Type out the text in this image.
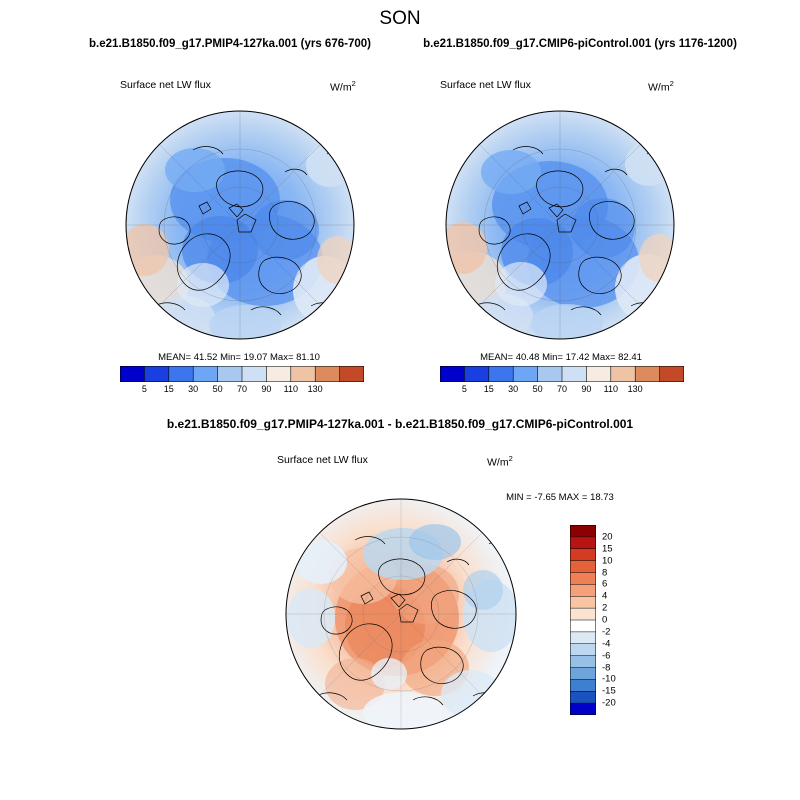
SON
b.e21.B1850.f09_g17.PMIP4-127ka.001 (yrs 676-700)	b.e21.B1850.f09_g17.CMIP6-piControl.001 (yrs 1176-1200)
Surface net LW flux	$W/m^2$
MEAN= 41.52 Min= 19.07 Max= 81.10
5 15 30 50 70 90 110 130
Surface net LW flux	$W/m^2$
MEAN= 40.48 Min= 17.42 Max= 82.41
5 15 30 50 70 90 110 130
b.e21.B1850.f09_g17.PMIP4-127ka.001 - b.e21.B1850.f09_g17.CMIP6-piControl.001
Surface net LW flux	$W/m^2$
MIN = -7.65 MAX = 18.73
20
15
10
8
6
4
2
0
-2
-4
-6
-8
-10
-15
-20
